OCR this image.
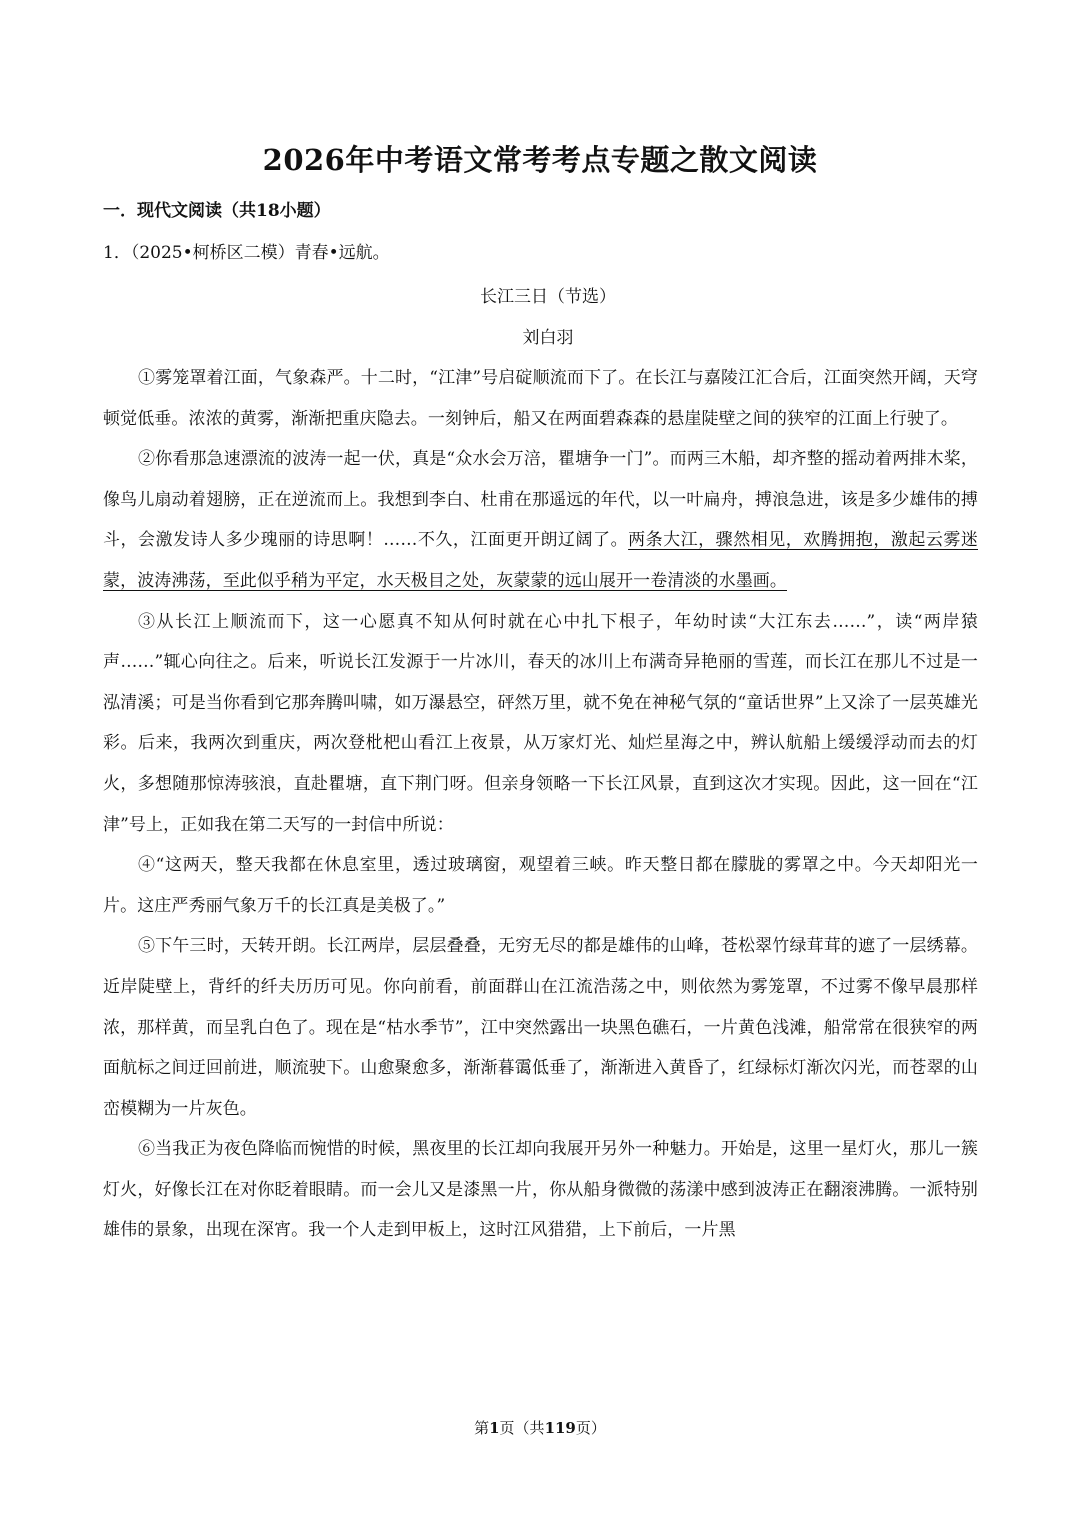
2026年中考语文常考考点专题之散文阅读
一．现代文阅读（共18小题）
1．（2025•柯桥区二模）青春•远航。
长江三日（节选）
刘白羽

①雾笼罩着江面，气象森严。十二时，“江津”号启碇顺流而下了。在长江与嘉陵江汇合后，江面突然开阔，天穹顿觉低垂。浓浓的黄雾，渐渐把重庆隐去。一刻钟后，船又在两面碧森森的悬崖陡壁之间的狭窄的江面上行驶了。

②你看那急速漂流的波涛一起一伏，真是“众水会万涪，瞿塘争一门”。而两三木船，却齐整的摇动着两排木桨，像鸟儿扇动着翅膀，正在逆流而上。我想到李白、杜甫在那遥远的年代，以一叶扁舟，搏浪急进，该是多少雄伟的搏斗，会激发诗人多少瑰丽的诗思啊！……不久，江面更开朗辽阔了。两条大江，骤然相见，欢腾拥抱，激起云雾迷蒙，波涛沸荡，至此似乎稍为平定，水天极目之处，灰蒙蒙的远山展开一卷清淡的水墨画。

③从长江上顺流而下，这一心愿真不知从何时就在心中扎下根子，年幼时读“大江东去……”，读“两岸猿声……”辄心向往之。后来，听说长江发源于一片冰川，春天的冰川上布满奇异艳丽的雪莲，而长江在那儿不过是一泓清溪；可是当你看到它那奔腾叫啸，如万瀑悬空，砰然万里，就不免在神秘气氛的“童话世界”上又涂了一层英雄光彩。后来，我两次到重庆，两次登枇杷山看江上夜景，从万家灯光、灿烂星海之中，辨认航船上缓缓浮动而去的灯火，多想随那惊涛骇浪，直赴瞿塘，直下荆门呀。但亲身领略一下长江风景，直到这次才实现。因此，这一回在“江津”号上，正如我在第二天写的一封信中所说：

④“这两天，整天我都在休息室里，透过玻璃窗，观望着三峡。昨天整日都在朦胧的雾罩之中。今天却阳光一片。这庄严秀丽气象万千的长江真是美极了。”

⑤下午三时，天转开朗。长江两岸，层层叠叠，无穷无尽的都是雄伟的山峰，苍松翠竹绿茸茸的遮了一层绣幕。近岸陡壁上，背纤的纤夫历历可见。你向前看，前面群山在江流浩荡之中，则依然为雾笼罩，不过雾不像早晨那样浓，那样黄，而呈乳白色了。现在是“枯水季节”，江中突然露出一块黑色礁石，一片黄色浅滩，船常常在很狭窄的两面航标之间迂回前进，顺流驶下。山愈聚愈多，渐渐暮霭低垂了，渐渐进入黄昏了，红绿标灯渐次闪光，而苍翠的山峦模糊为一片灰色。

⑥当我正为夜色降临而惋惜的时候，黑夜里的长江却向我展开另外一种魅力。开始是，这里一星灯火，那儿一簇灯火，好像长江在对你眨着眼睛。而一会儿又是漆黑一片，你从船身微微的荡漾中感到波涛正在翻滚沸腾。一派特别雄伟的景象，出现在深宵。我一个人走到甲板上，这时江风猎猎，上下前后，一片黑

第1页（共119页）
